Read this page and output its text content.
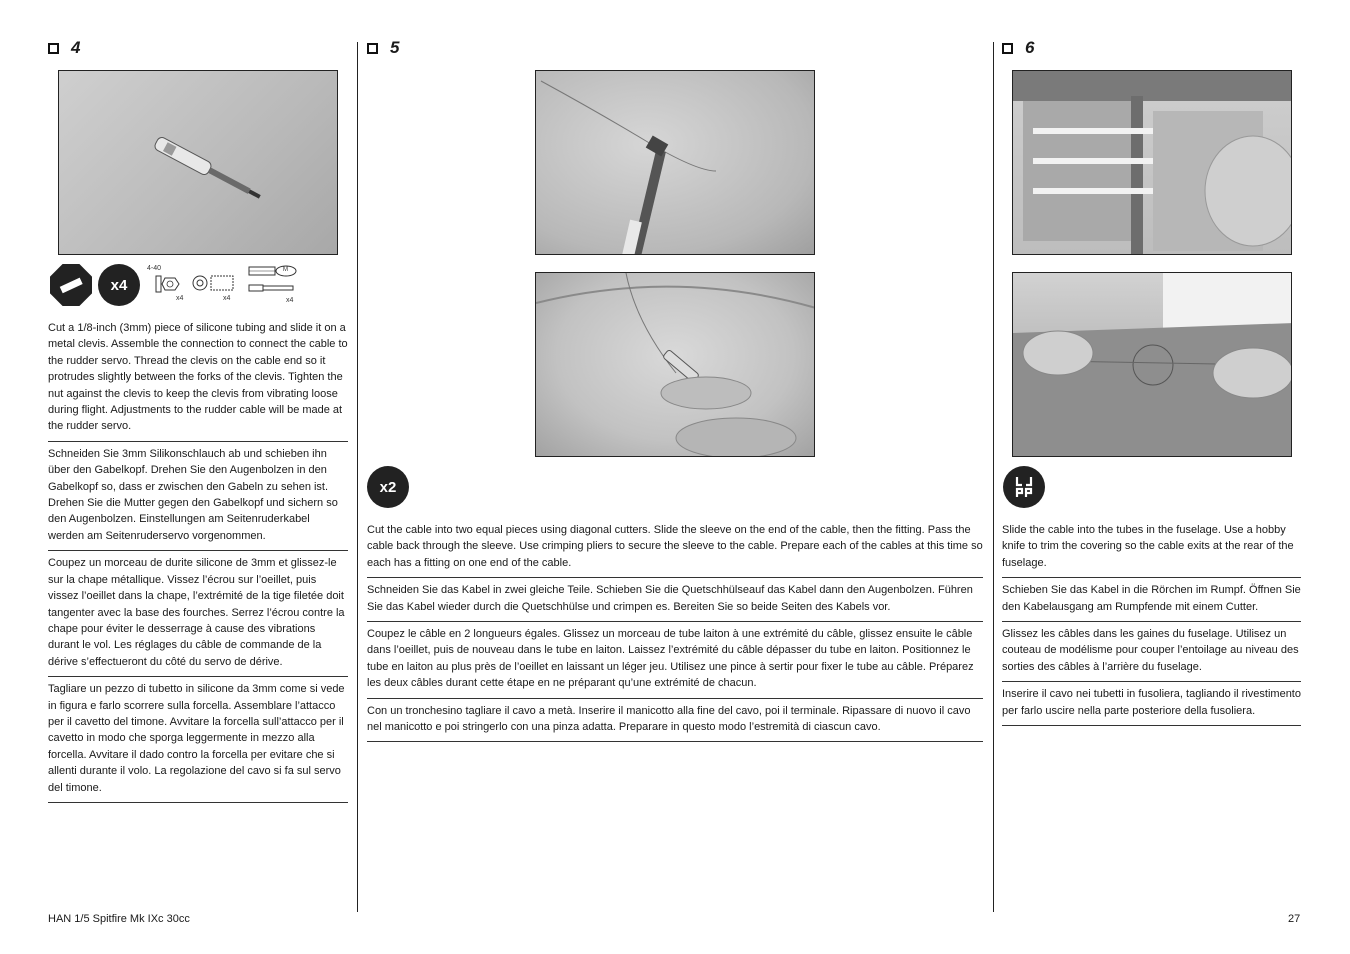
4
x4
4-40
x4	x4
M
x4

Cut a 1/8-inch (3mm) piece of silicone tubing and slide it on a metal clevis. Assemble the connection to connect the cable to the rudder servo. Thread the clevis on the cable end so it protrudes slightly between the forks of the clevis. Tighten the nut against the clevis to keep the clevis from vibrating loose during flight. Adjustments to the rudder cable will be made at the rudder servo.

Schneiden Sie 3mm Silikonschlauch ab und schieben ihn über den Gabelkopf. Drehen Sie den Augenbolzen in den Gabelkopf so, dass er zwischen den Gabeln zu sehen ist. Drehen Sie die Mutter gegen den Gabelkopf und sichern so den Augenbolzen. Einstellungen am Seitenruderkabel werden am Seitenruderservo vorgenommen.

Coupez un morceau de durite silicone de 3mm et glissez-le sur la chape métallique. Vissez l’écrou sur l’oeillet, puis vissez l’oeillet dans la chape, l’extrémité de la tige filetée doit tangenter avec la base des fourches. Serrez l’écrou contre la chape pour éviter le desserrage à cause des vibrations durant le vol. Les réglages du câble de commande de la dérive s’effectueront du côté du servo de dérive.

Tagliare un pezzo di tubetto in silicone da 3mm come si vede in figura e farlo scorrere sulla forcella. Assemblare l’attacco per il cavetto del timone. Avvitare la forcella sull’attacco per il cavetto in modo che sporga leggermente in mezzo alla forcella. Avvitare il dado contro la forcella per evitare che si allenti durante il volo. La regolazione del cavo si fa sul servo del timone.

5
x2

Cut the cable into two equal pieces using diagonal cutters. Slide the sleeve on the end of the cable, then the fitting. Pass the cable back through the sleeve. Use crimping pliers to secure the sleeve to the cable. Prepare each of the cables at this time so each has a fitting on one end of the cable.

Schneiden Sie das Kabel in zwei gleiche Teile. Schieben Sie die Quetschhülseauf das Kabel dann den Augenbolzen. Führen Sie das Kabel wieder durch die Quetschhülse und crimpen es. Bereiten Sie so beide Seiten des Kabels vor.

Coupez le câble en 2 longueurs égales. Glissez un morceau de tube laiton à une extrémité du câble, glissez ensuite le câble dans l’oeillet, puis de nouveau dans le tube en laiton. Laissez l’extrémité du câble dépasser du tube en laiton. Positionnez le tube en laiton au plus près de l’oeillet en laissant un léger jeu. Utilisez une pince à sertir pour fixer le tube au câble. Préparez les deux câbles durant cette étape en ne préparant qu’une extrémité de chacun.

Con un tronchesino tagliare il cavo a metà. Inserire il manicotto alla fine del cavo, poi il terminale. Ripassare di nuovo il cavo nel manicotto e poi stringerlo con una pinza adatta. Preparare in questo modo l’estremità di ciascun cavo.

6

Slide the cable into the tubes in the fuselage. Use a hobby knife to trim the covering so the cable exits at the rear of the fuselage.

Schieben Sie das Kabel in die Rörchen im Rumpf. Öffnen Sie den Kabelausgang am Rumpfende mit einem Cutter.

Glissez les câbles dans les gaines du fuselage. Utilisez un couteau de modélisme pour couper l’entoilage au niveau des sorties des câbles à l’arrière du fuselage.

Inserire il cavo nei tubetti in fusoliera, tagliando il rivestimento per farlo uscire nella parte posteriore della fusoliera.

HAN 1/5 Spitfire Mk IXc 30cc	27
